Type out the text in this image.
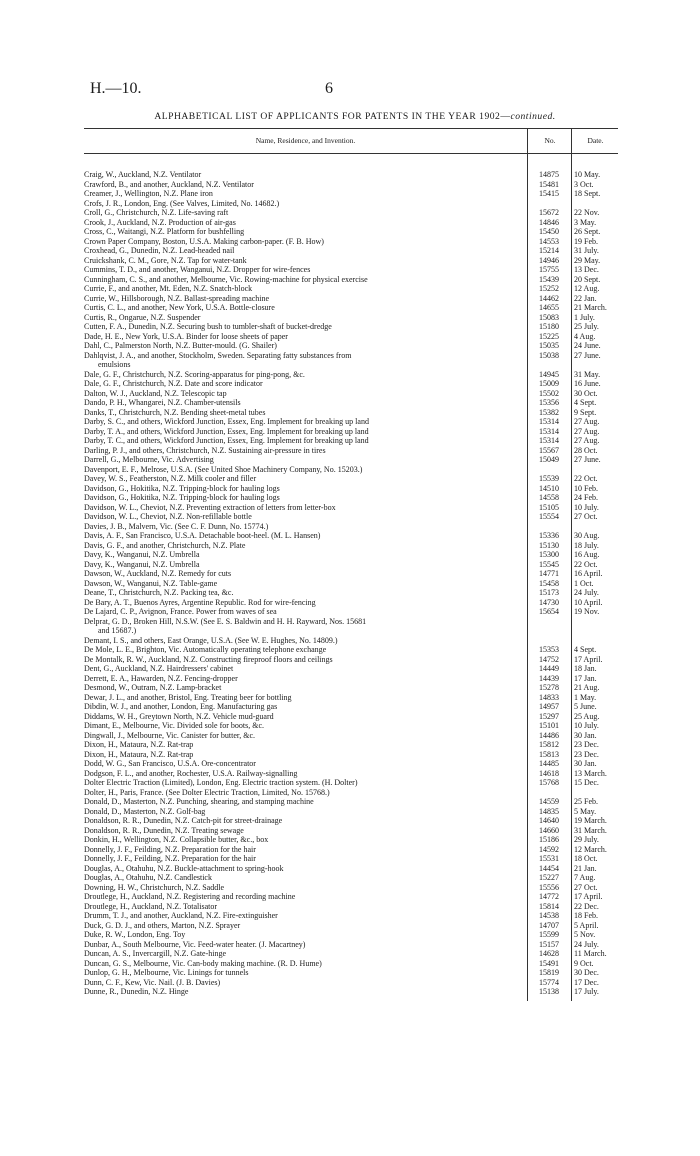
H.—10.	6
ALPHABETICAL LIST OF APPLICANTS FOR PATENTS IN THE YEAR 1902—continued.
Name, Residence, and Invention.	No.	Date.
Craig, W., Auckland, N.Z. Ventilator	14875	10 May.
Crawford, B., and another, Auckland, N.Z. Ventilator	15481	3 Oct.
Creamer, J., Wellington, N.Z. Plane iron	15415	18 Sept.
Crofs, J. R., London, Eng. (See Valves, Limited, No. 14682.)
Croll, G., Christchurch, N.Z. Life-saving raft	15672	22 Nov.
Crook, J., Auckland, N.Z. Production of air-gas	14846	3 May.
Cross, C., Waitangi, N.Z. Platform for bushfelling	15450	26 Sept.
Crown Paper Company, Boston, U.S.A. Making carbon-paper. (F. B. How)	14553	19 Feb.
Croxhead, G., Dunedin, N.Z. Lead-headed nail	15214	31 July.
Cruickshank, C. M., Gore, N.Z. Tap for water-tank	14946	29 May.
Cummins, T. D., and another, Wanganui, N.Z. Dropper for wire-fences	15755	13 Dec.
Cunningham, C. S., and another, Melbourne, Vic. Rowing-machine for physical exercise	15439	20 Sept.
Currie, F., and another, Mt. Eden, N.Z. Snatch-block	15252	12 Aug.
Currie, W., Hillsborough, N.Z. Ballast-spreading machine	14462	22 Jan.
Curtis, C. L., and another, New York, U.S.A. Bottle-closure	14655	21 March.
Curtis, R., Ongarue, N.Z. Suspender	15083	1 July.
Cutten, F. A., Dunedin, N.Z. Securing bush to tumbler-shaft of bucket-dredge	15180	25 July.
Dade, H. E., New York, U.S.A. Binder for loose sheets of paper	15225	4 Aug.
Dahl, C., Palmerston North, N.Z. Butter-mould. (G. Shailer)	15035	24 June.
Dahlqvist, J. A., and another, Stockholm, Sweden. Separating fatty substances from	15038	27 June.
emulsions
Dale, G. F., Christchurch, N.Z. Scoring-apparatus for ping-pong, &c.	14945	31 May.
Dale, G. F., Christchurch, N.Z. Date and score indicator	15009	16 June.
Dalton, W. J., Auckland, N.Z. Telescopic tap	15502	30 Oct.
Dando, P. H., Whangarei, N.Z. Chamber-utensils	15356	4 Sept.
Danks, T., Christchurch, N.Z. Bending sheet-metal tubes	15382	9 Sept.
Darby, S. C., and others, Wickford Junction, Essex, Eng. Implement for breaking up land	15314	27 Aug.
Darby, T. A., and others, Wickford Junction, Essex, Eng. Implement for breaking up land	15314	27 Aug.
Darby, T. C., and others, Wickford Junction, Essex, Eng. Implement for breaking up land	15314	27 Aug.
Darling, P. J., and others, Christchurch, N.Z. Sustaining air-pressure in tires	15567	28 Oct.
Darrell, G., Melbourne, Vic. Advertising	15049	27 June.
Davenport, E. F., Melrose, U.S.A. (See United Shoe Machinery Company, No. 15203.)
Davey, W. S., Featherston, N.Z. Milk cooler and filler	15539	22 Oct.
Davidson, G., Hokitika, N.Z. Tripping-block for hauling logs	14510	10 Feb.
Davidson, G., Hokitika, N.Z. Tripping-block for hauling logs	14558	24 Feb.
Davidson, W. L., Cheviot, N.Z. Preventing extraction of letters from letter-box	15105	10 July.
Davidson, W. L., Cheviot, N.Z. Non-refillable bottle	15554	27 Oct.
Davies, J. B., Malvern, Vic. (See C. F. Dunn, No. 15774.)
Davis, A. F., San Francisco, U.S.A. Detachable boot-heel. (M. L. Hansen)	15336	30 Aug.
Davis, G. F., and another, Christchurch, N.Z. Plate	15130	18 July.
Davy, K., Wanganui, N.Z. Umbrella	15300	16 Aug.
Davy, K., Wanganui, N.Z. Umbrella	15545	22 Oct.
Dawson, W., Auckland, N.Z. Remedy for cuts	14771	16 April.
Dawson, W., Wanganui, N.Z. Table-game	15458	1 Oct.
Deane, T., Christchurch, N.Z. Packing tea, &c.	15173	24 July.
De Bary, A. T., Buenos Ayres, Argentine Republic. Rod for wire-fencing	14730	10 April.
De Lajard, C. P., Avignon, France. Power from waves of sea	15654	19 Nov.
Delprat, G. D., Broken Hill, N.S.W. (See E. S. Baldwin and H. H. Rayward, Nos. 15681
and 15687.)
Demant, I. S., and others, East Orange, U.S.A. (See W. E. Hughes, No. 14809.)
De Mole, L. E., Brighton, Vic. Automatically operating telephone exchange	15353	4 Sept.
De Montalk, R. W., Auckland, N.Z. Constructing fireproof floors and ceilings	14752	17 April.
Dent, G., Auckland, N.Z. Hairdressers' cabinet	14449	18 Jan.
Derrett, E. A., Hawarden, N.Z. Fencing-dropper	14439	17 Jan.
Desmond, W., Outram, N.Z. Lamp-bracket	15278	21 Aug.
Dewar, J. L., and another, Bristol, Eng. Treating beer for bottling	14833	1 May.
Dibdin, W. J., and another, London, Eng. Manufacturing gas	14957	5 June.
Diddams, W. H., Greytown North, N.Z. Vehicle mud-guard	15297	25 Aug.
Dimant, E., Melbourne, Vic. Divided sole for boots, &c.	15101	10 July.
Dingwall, J., Melbourne, Vic. Canister for butter, &c.	14486	30 Jan.
Dixon, H., Mataura, N.Z. Rat-trap	15812	23 Dec.
Dixon, H., Mataura, N.Z. Rat-trap	15813	23 Dec.
Dodd, W. G., San Francisco, U.S.A. Ore-concentrator	14485	30 Jan.
Dodgson, F. L., and another, Rochester, U.S.A. Railway-signalling	14618	13 March.
Dolter Electric Traction (Limited), London, Eng. Electric traction system. (H. Dolter)	15768	15 Dec.
Dolter, H., Paris, France. (See Dolter Electric Traction, Limited, No. 15768.)
Donald, D., Masterton, N.Z. Punching, shearing, and stamping machine	14559	25 Feb.
Donald, D., Masterton, N.Z. Golf-bag	14835	5 May.
Donaldson, R. R., Dunedin, N.Z. Catch-pit for street-drainage	14640	19 March.
Donaldson, R. R., Dunedin, N.Z. Treating sewage	14660	31 March.
Donkin, H., Wellington, N.Z. Collapsible butter, &c., box	15186	29 July.
Donnelly, J. F., Feilding, N.Z. Preparation for the hair	14592	12 March.
Donnelly, J. F., Feilding, N.Z. Preparation for the hair	15531	18 Oct.
Douglas, A., Otahuhu, N.Z. Buckle-attachment to spring-hook	14454	21 Jan.
Douglas, A., Otahuhu, N.Z. Candlestick	15227	7 Aug.
Downing, H. W., Christchurch, N.Z. Saddle	15556	27 Oct.
Droutlege, H., Auckland, N.Z. Registering and recording machine	14772	17 April.
Droutlege, H., Auckland, N.Z. Totalisator	15814	22 Dec.
Drumm, T. J., and another, Auckland, N.Z. Fire-extinguisher	14538	18 Feb.
Duck, G. D. J., and others, Marton, N.Z. Sprayer	14707	5 April.
Duke, R. W., London, Eng. Toy	15599	5 Nov.
Dunbar, A., South Melbourne, Vic. Feed-water heater. (J. Macartney)	15157	24 July.
Duncan, A. S., Invercargill, N.Z. Gate-hinge	14628	11 March.
Duncan, G. S., Melbourne, Vic. Can-body making machine. (R. D. Hume)	15491	9 Oct.
Dunlop, G. H., Melbourne, Vic. Linings for tunnels	15819	30 Dec.
Dunn, C. F., Kew, Vic. Nail. (J. B. Davies)	15774	17 Dec.
Dunne, R., Dunedin, N.Z. Hinge	15138	17 July.
